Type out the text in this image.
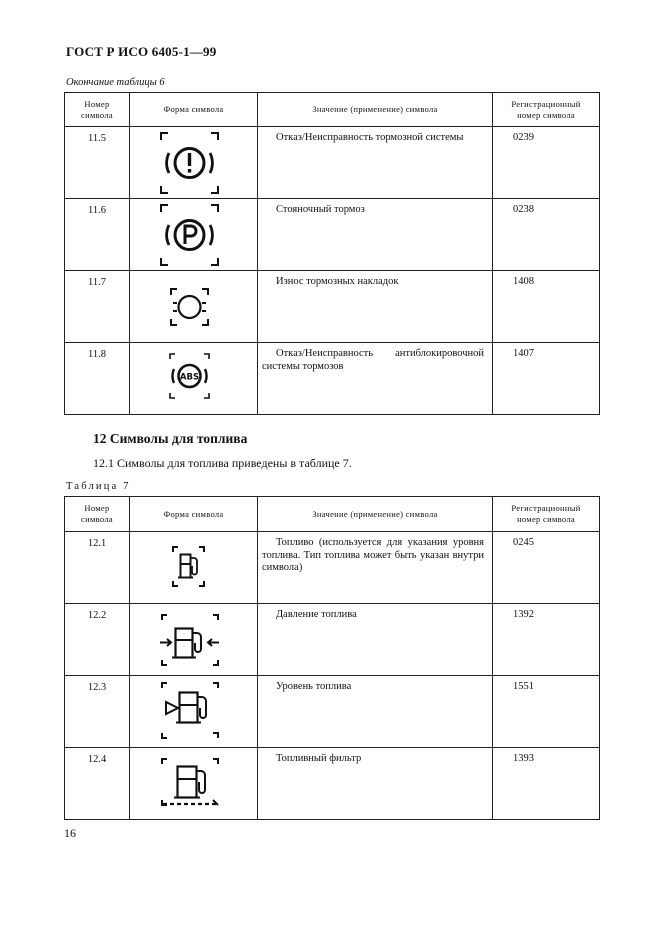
ГОСТ Р ИСО 6405-1—99
Окончание таблицы 6
Номер
символа	Форма символа	Значение (применение) символа	Регистрационный
номер символа
11.5		Отказ/Неисправность тормозной системы	0239
11.6		Стояночный тормоз	0238
11.7		Износ тормозных накладок	1408
11.8	ABS	Отказ/Неисправность антиблокировочной системы тормозов	1407
12 Символы для топлива
12.1 Символы для топлива приведены в таблице 7.
Таблица 7
Номер
символа	Форма символа	Значение (применение) символа	Регистрационный
номер символа
12.1		Топливо (используется для указания уровня топлива. Тип топлива может быть указан внутри символа)	0245
12.2		Давление топлива	1392
12.3		Уровень топлива	1551
12.4		Топливный фильтр	1393
16
